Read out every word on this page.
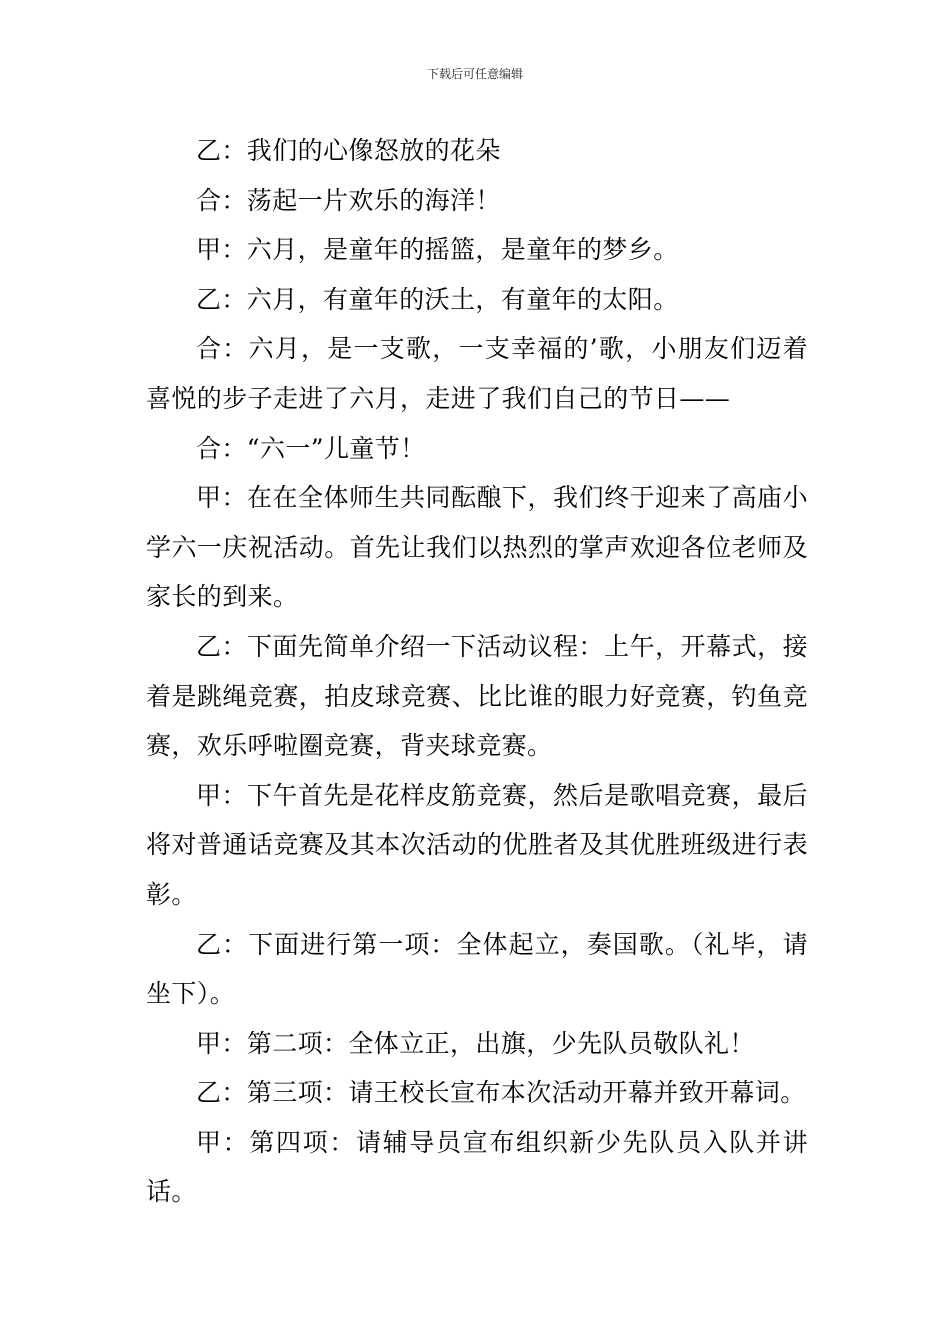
下载后可任意编辑

乙：我们的心像怒放的花朵

合：荡起一片欢乐的海洋！

甲：六月，是童年的摇篮，是童年的梦乡。

乙：六月，有童年的沃土，有童年的太阳。

合：六月，是一支歌，一支幸福的’歌，小朋友们迈着喜悦的步子走进了六月，走进了我们自己的节日——

合：“六一”儿童节！

甲：在在全体师生共同酝酿下，我们终于迎来了高庙小学六一庆祝活动。首先让我们以热烈的掌声欢迎各位老师及家长的到来。

乙：下面先简单介绍一下活动议程：上午，开幕式，接着是跳绳竞赛，拍皮球竞赛、比比谁的眼力好竞赛，钓鱼竞赛，欢乐呼啦圈竞赛，背夹球竞赛。

甲：下午首先是花样皮筋竞赛，然后是歌唱竞赛，最后将对普通话竞赛及其本次活动的优胜者及其优胜班级进行表彰。

乙：下面进行第一项：全体起立，奏国歌。（礼毕，请坐下）。

甲：第二项：全体立正，出旗，少先队员敬队礼！

乙：第三项：请王校长宣布本次活动开幕并致开幕词。

甲：第四项：请辅导员宣布组织新少先队员入队并讲话。
